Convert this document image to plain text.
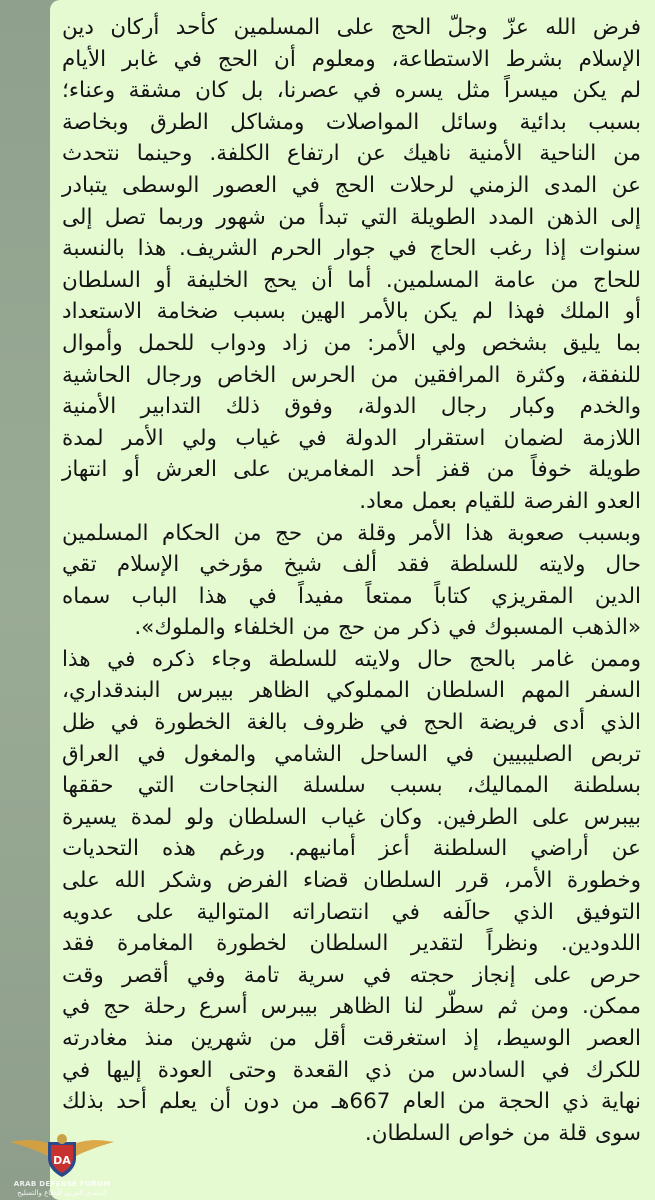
فرض الله عزّ وجلّ الحج على المسلمين كأحد أركان دين
الإسلام بشرط الاستطاعة، ومعلوم أن الحج في غابر الأيام
لم يكن ميسراً مثل يسره في عصرنا، بل كان مشقة وعناء؛
بسبب بدائية وسائل المواصلات ومشاكل الطرق وبخاصة
من الناحية الأمنية ناهيك عن ارتفاع الكلفة. وحينما نتحدث
عن المدى الزمني لرحلات الحج في العصور الوسطى يتبادر
إلى الذهن المدد الطويلة التي تبدأ من شهور وربما تصل إلى
سنوات إذا رغب الحاج في جوار الحرم الشريف. هذا بالنسبة
للحاج من عامة المسلمين. أما أن يحج الخليفة أو السلطان
أو الملك فهذا لم يكن بالأمر الهين بسبب ضخامة الاستعداد
بما يليق بشخص ولي الأمر: من زاد ودواب للحمل وأموال
للنفقة، وكثرة المرافقين من الحرس الخاص ورجال الحاشية
والخدم وكبار رجال الدولة، وفوق ذلك التدابير الأمنية
اللازمة لضمان استقرار الدولة في غياب ولي الأمر لمدة
طويلة خوفاً من قفز أحد المغامرين على العرش أو انتهاز
العدو الفرصة للقيام بعمل معاد.
وبسبب صعوبة هذا الأمر وقلة من حج من الحكام المسلمين
حال ولايته للسلطة فقد ألف شيخ مؤرخي الإسلام تقي
الدين المقريزي كتاباً ممتعاً مفيداً في هذا الباب سماه
«الذهب المسبوك في ذكر من حج من الخلفاء والملوك».
وممن غامر بالحج حال ولايته للسلطة وجاء ذكره في هذا
السفر المهم السلطان المملوكي الظاهر بيبرس البندقداري،
الذي أدى فريضة الحج في ظروف بالغة الخطورة في ظل
تربص الصليبيين في الساحل الشامي والمغول في العراق
بسلطنة المماليك، بسبب سلسلة النجاحات التي حققها
بيبرس على الطرفين. وكان غياب السلطان ولو لمدة يسيرة
عن أراضي السلطنة أعز أمانيهم. ورغم هذه التحديات
وخطورة الأمر، قرر السلطان قضاء الفرض وشكر الله على
التوفيق الذي حالَفه في انتصاراته المتوالية على عدويه
اللدودين. ونظراً لتقدير السلطان لخطورة المغامرة فقد
حرص على إنجاز حجته في سرية تامة وفي أقصر وقت
ممكن. ومن ثم سطّر لنا الظاهر بيبرس أسرع رحلة حج في
العصر الوسيط، إذ استغرقت أقل من شهرين منذ مغادرته
للكرك في السادس من ذي القعدة وحتى العودة إليها في
نهاية ذي الحجة من العام 667هـ من دون أن يعلم أحد بذلك
سوى قلة من خواص السلطان.
DA
ARAB DEFENSE FORUM
المنتدى العربي للدفاع والتسليح
